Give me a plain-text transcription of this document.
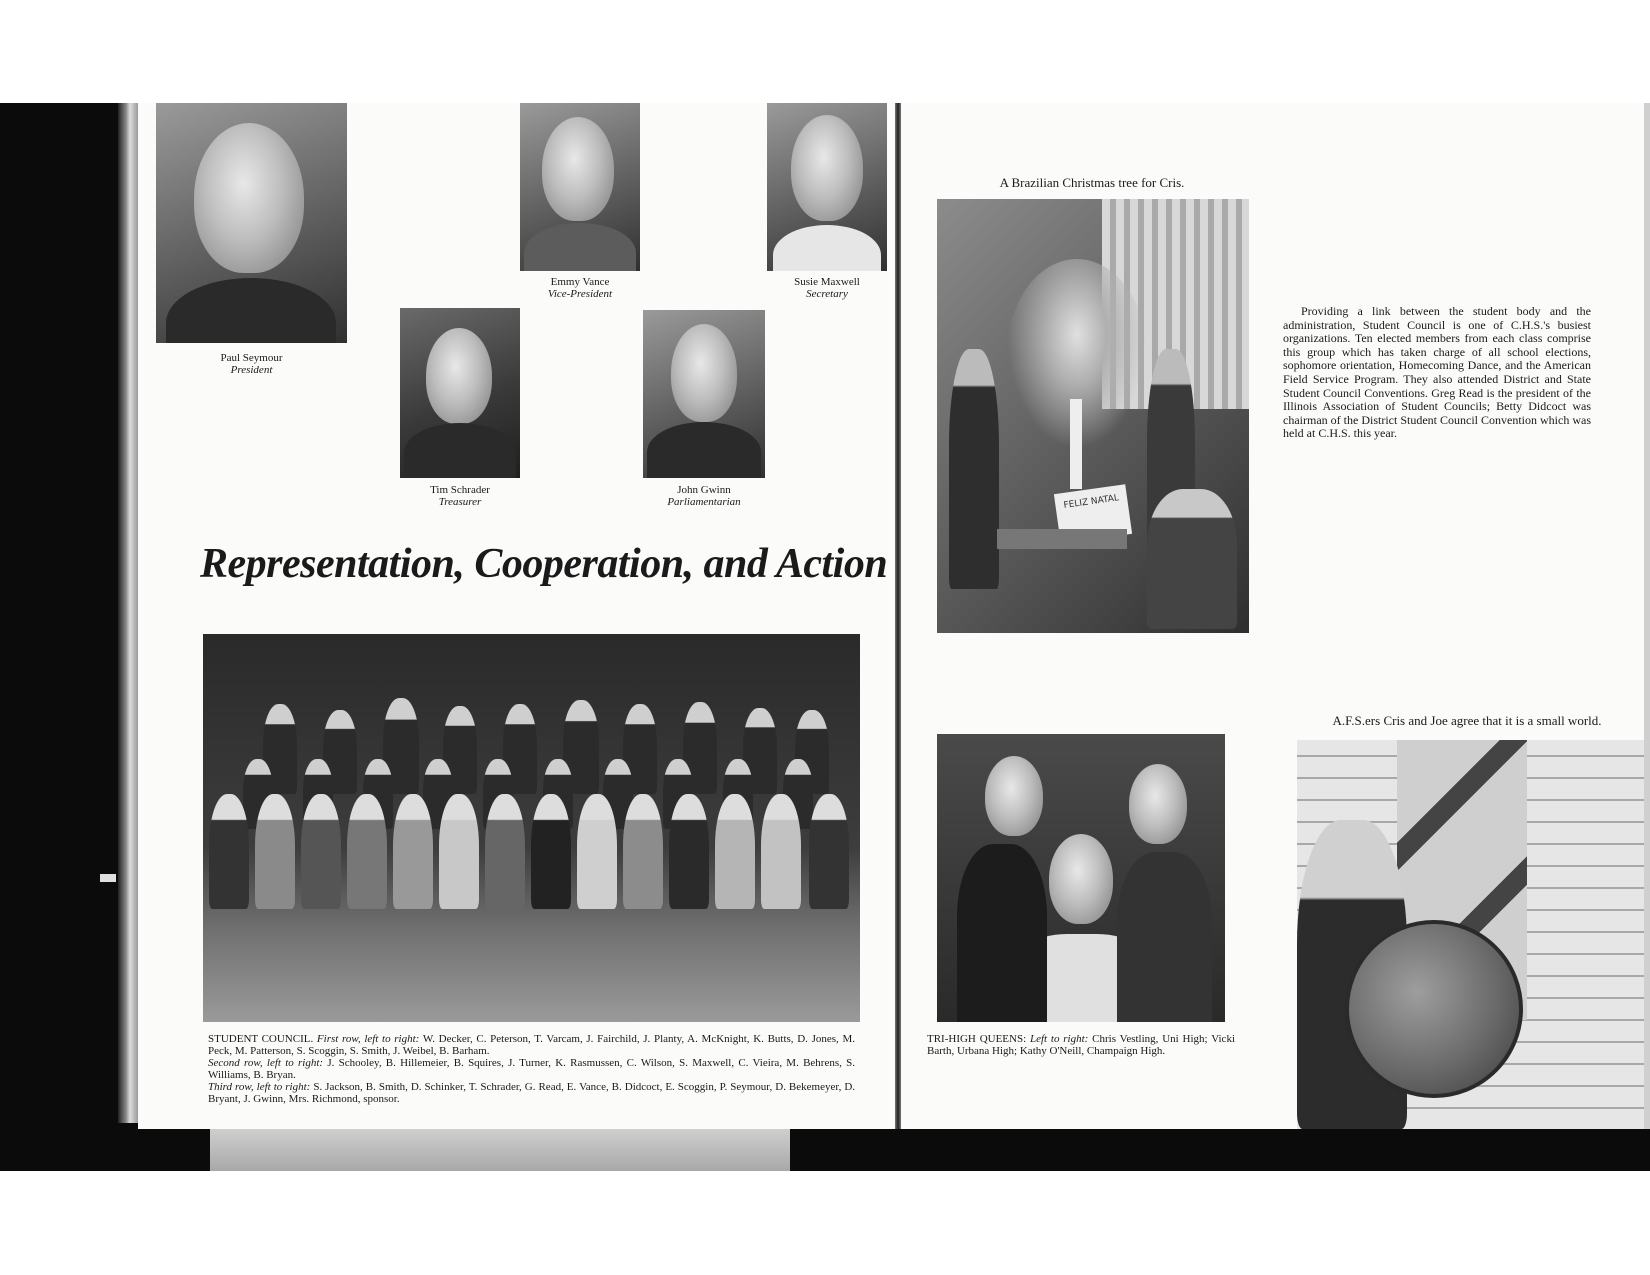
Paul Seymour
President
Emmy Vance
Vice-President
Susie Maxwell
Secretary
Tim Schrader
Treasurer
John Gwinn
Parliamentarian
Representation, Cooperation, and Action
STUDENT COUNCIL. First row, left to right: W. Decker, C. Peterson, T. Varcam, J. Fairchild, J. Planty, A. McKnight, K. Butts, D. Jones, M. Peck, M. Patterson, S. Scoggin, S. Smith, J. Weibel, B. Barham.
Second row, left to right: J. Schooley, B. Hillemeier, B. Squires, J. Turner, K. Rasmussen, C. Wilson, S. Maxwell, C. Vieira, M. Behrens, S. Williams, B. Bryan.
Third row, left to right: S. Jackson, B. Smith, D. Schinker, T. Schrader, G. Read, E. Vance, B. Didcoct, E. Scoggin, P. Seymour, D. Bekemeyer, D. Bryant, J. Gwinn, Mrs. Richmond, sponsor.
A Brazilian Christmas tree for Cris.
FELIZ NATAL
Providing a link between the student body and the administration, Student Council is one of C.H.S.'s busiest organizations. Ten elected members from each class comprise this group which has taken charge of all school elections, sophomore orientation, Homecoming Dance, and the American Field Service Program. They also attended District and State Student Council Conventions. Greg Read is the president of the Illinois Association of Student Councils; Betty Didcoct was chairman of the District Student Council Convention which was held at C.H.S. this year.
TRI-HIGH QUEENS: Left to right: Chris Vestling, Uni High; Vicki Barth, Urbana High; Kathy O'Neill, Champaign High.
A.F.S.ers Cris and Joe agree that it is a small world.
